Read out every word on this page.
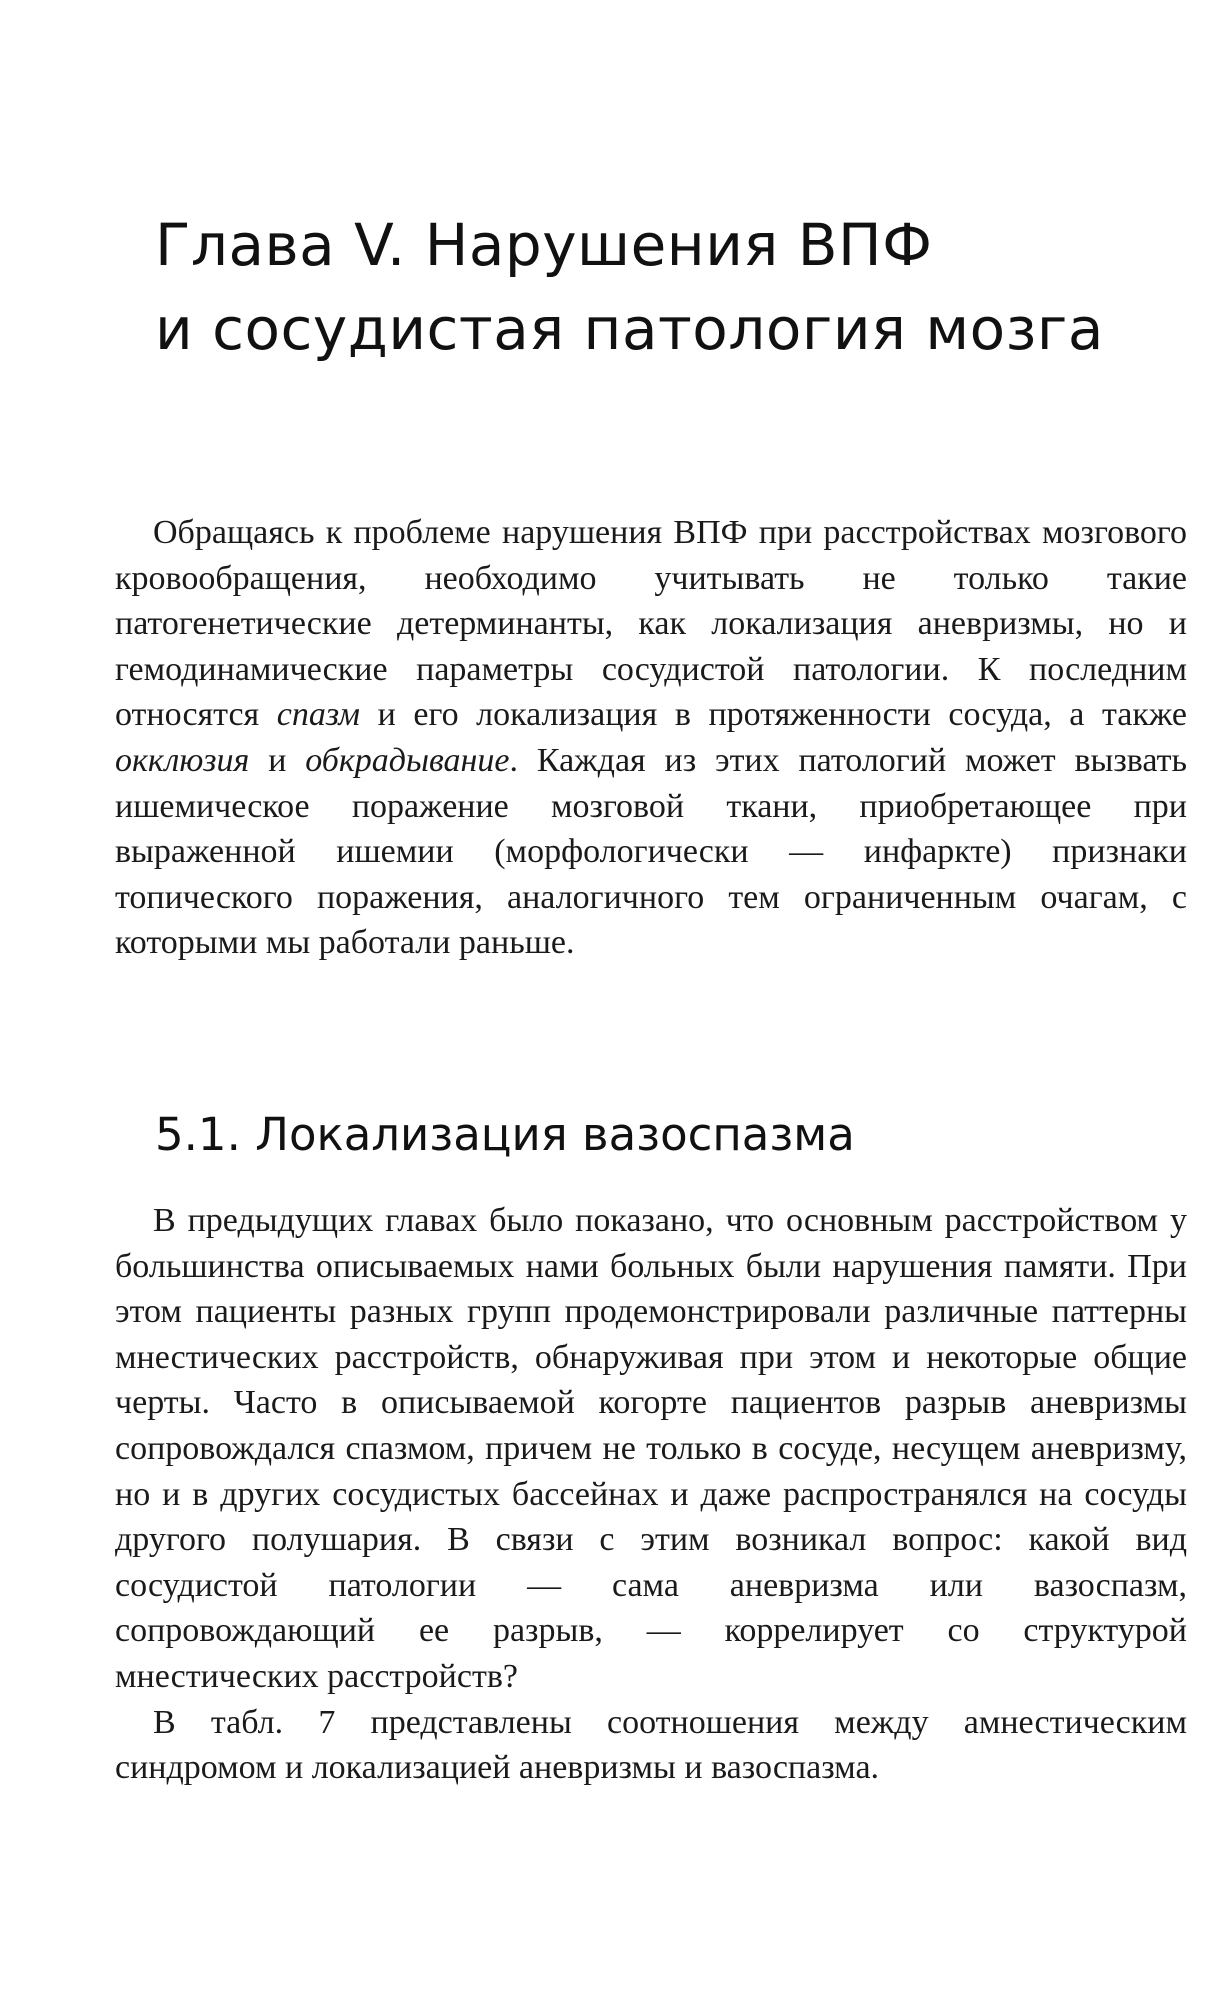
Глава V. Нарушения ВПФ
и сосудистая патология мозга

Обращаясь к проблеме нарушения ВПФ при расстройствах мозгового кровообращения, необходимо учитывать не только такие патогенетические детерминанты, как локализация аневризмы, но и гемодинамические параметры сосудистой патологии. К последним относятся спазм и его локализация в протяженности сосуда, а также окклюзия и обкрадывание. Каждая из этих патологий может вызвать ишемическое поражение мозговой ткани, приобретающее при выраженной ишемии (морфологически — инфаркте) признаки топического поражения, аналогичного тем ограниченным очагам, с которыми мы работали раньше.

5.1. Локализация вазоспазма

В предыдущих главах было показано, что основным расстройством у большинства описываемых нами больных были нарушения памяти. При этом пациенты разных групп продемонстрировали различные паттерны мнестических расстройств, обнаруживая при этом и некоторые общие черты. Часто в описываемой когорте пациентов разрыв аневризмы сопровождался спазмом, причем не только в сосуде, несущем аневризму, но и в других сосудистых бассейнах и даже распространялся на сосуды другого полушария. В связи с этим возникал вопрос: какой вид сосудистой патологии — сама аневризма или вазоспазм, сопровождающий ее разрыв, — коррелирует со структурой мнестических расстройств?

В табл. 7 представлены соотношения между амнестическим синдромом и локализацией аневризмы и вазоспазма.
